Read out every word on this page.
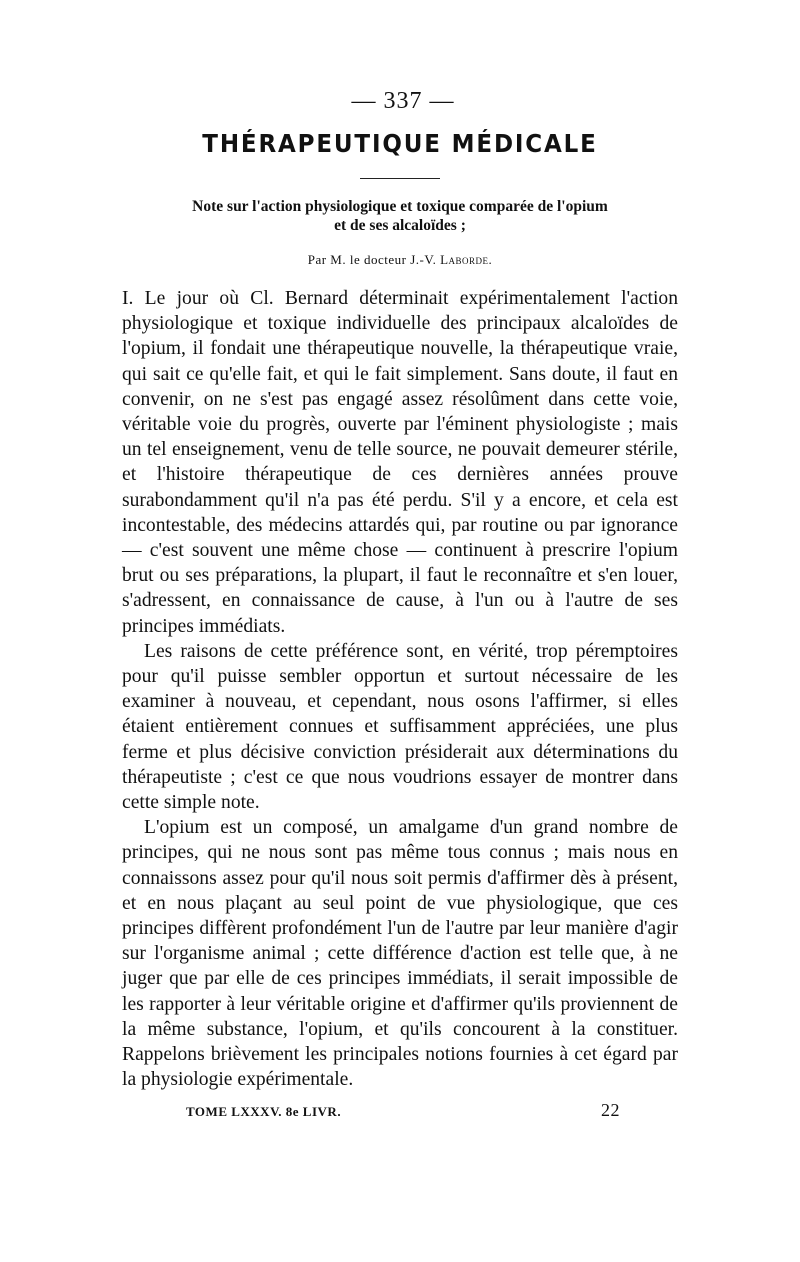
— 337 —
THÉRAPEUTIQUE MÉDICALE
Note sur l'action physiologique et toxique comparée de l'opium
et de ses alcaloïdes ;
Par M. le docteur J.-V. Laborde.

I. Le jour où Cl. Bernard déterminait expérimentalement l'action physiologique et toxique individuelle des principaux alcaloïdes de l'opium, il fondait une thérapeutique nouvelle, la thérapeutique vraie, qui sait ce qu'elle fait, et qui le fait simplement. Sans doute, il faut en convenir, on ne s'est pas engagé assez résolûment dans cette voie, véritable voie du progrès, ouverte par l'éminent physiologiste ; mais un tel enseignement, venu de telle source, ne pouvait demeurer stérile, et l'histoire thérapeutique de ces dernières années prouve surabondamment qu'il n'a pas été perdu. S'il y a encore, et cela est incontestable, des médecins attardés qui, par routine ou par ignorance — c'est souvent une même chose — continuent à prescrire l'opium brut ou ses préparations, la plupart, il faut le reconnaître et s'en louer, s'adressent, en connaissance de cause, à l'un ou à l'autre de ses principes immédiats.

Les raisons de cette préférence sont, en vérité, trop péremptoires pour qu'il puisse sembler opportun et surtout nécessaire de les examiner à nouveau, et cependant, nous osons l'affirmer, si elles étaient entièrement connues et suffisamment appréciées, une plus ferme et plus décisive conviction présiderait aux déterminations du thérapeutiste ; c'est ce que nous voudrions essayer de montrer dans cette simple note.

L'opium est un composé, un amalgame d'un grand nombre de principes, qui ne nous sont pas même tous connus ; mais nous en connaissons assez pour qu'il nous soit permis d'affirmer dès à présent, et en nous plaçant au seul point de vue physiologique, que ces principes diffèrent profondément l'un de l'autre par leur manière d'agir sur l'organisme animal ; cette différence d'action est telle que, à ne juger que par elle de ces principes immédiats, il serait impossible de les rapporter à leur véritable origine et d'affirmer qu'ils proviennent de la même substance, l'opium, et qu'ils concourent à la constituer. Rappelons brièvement les principales notions fournies à cet égard par la physiologie expérimentale.

TOME LXXXV. 8e LIVR.	22
